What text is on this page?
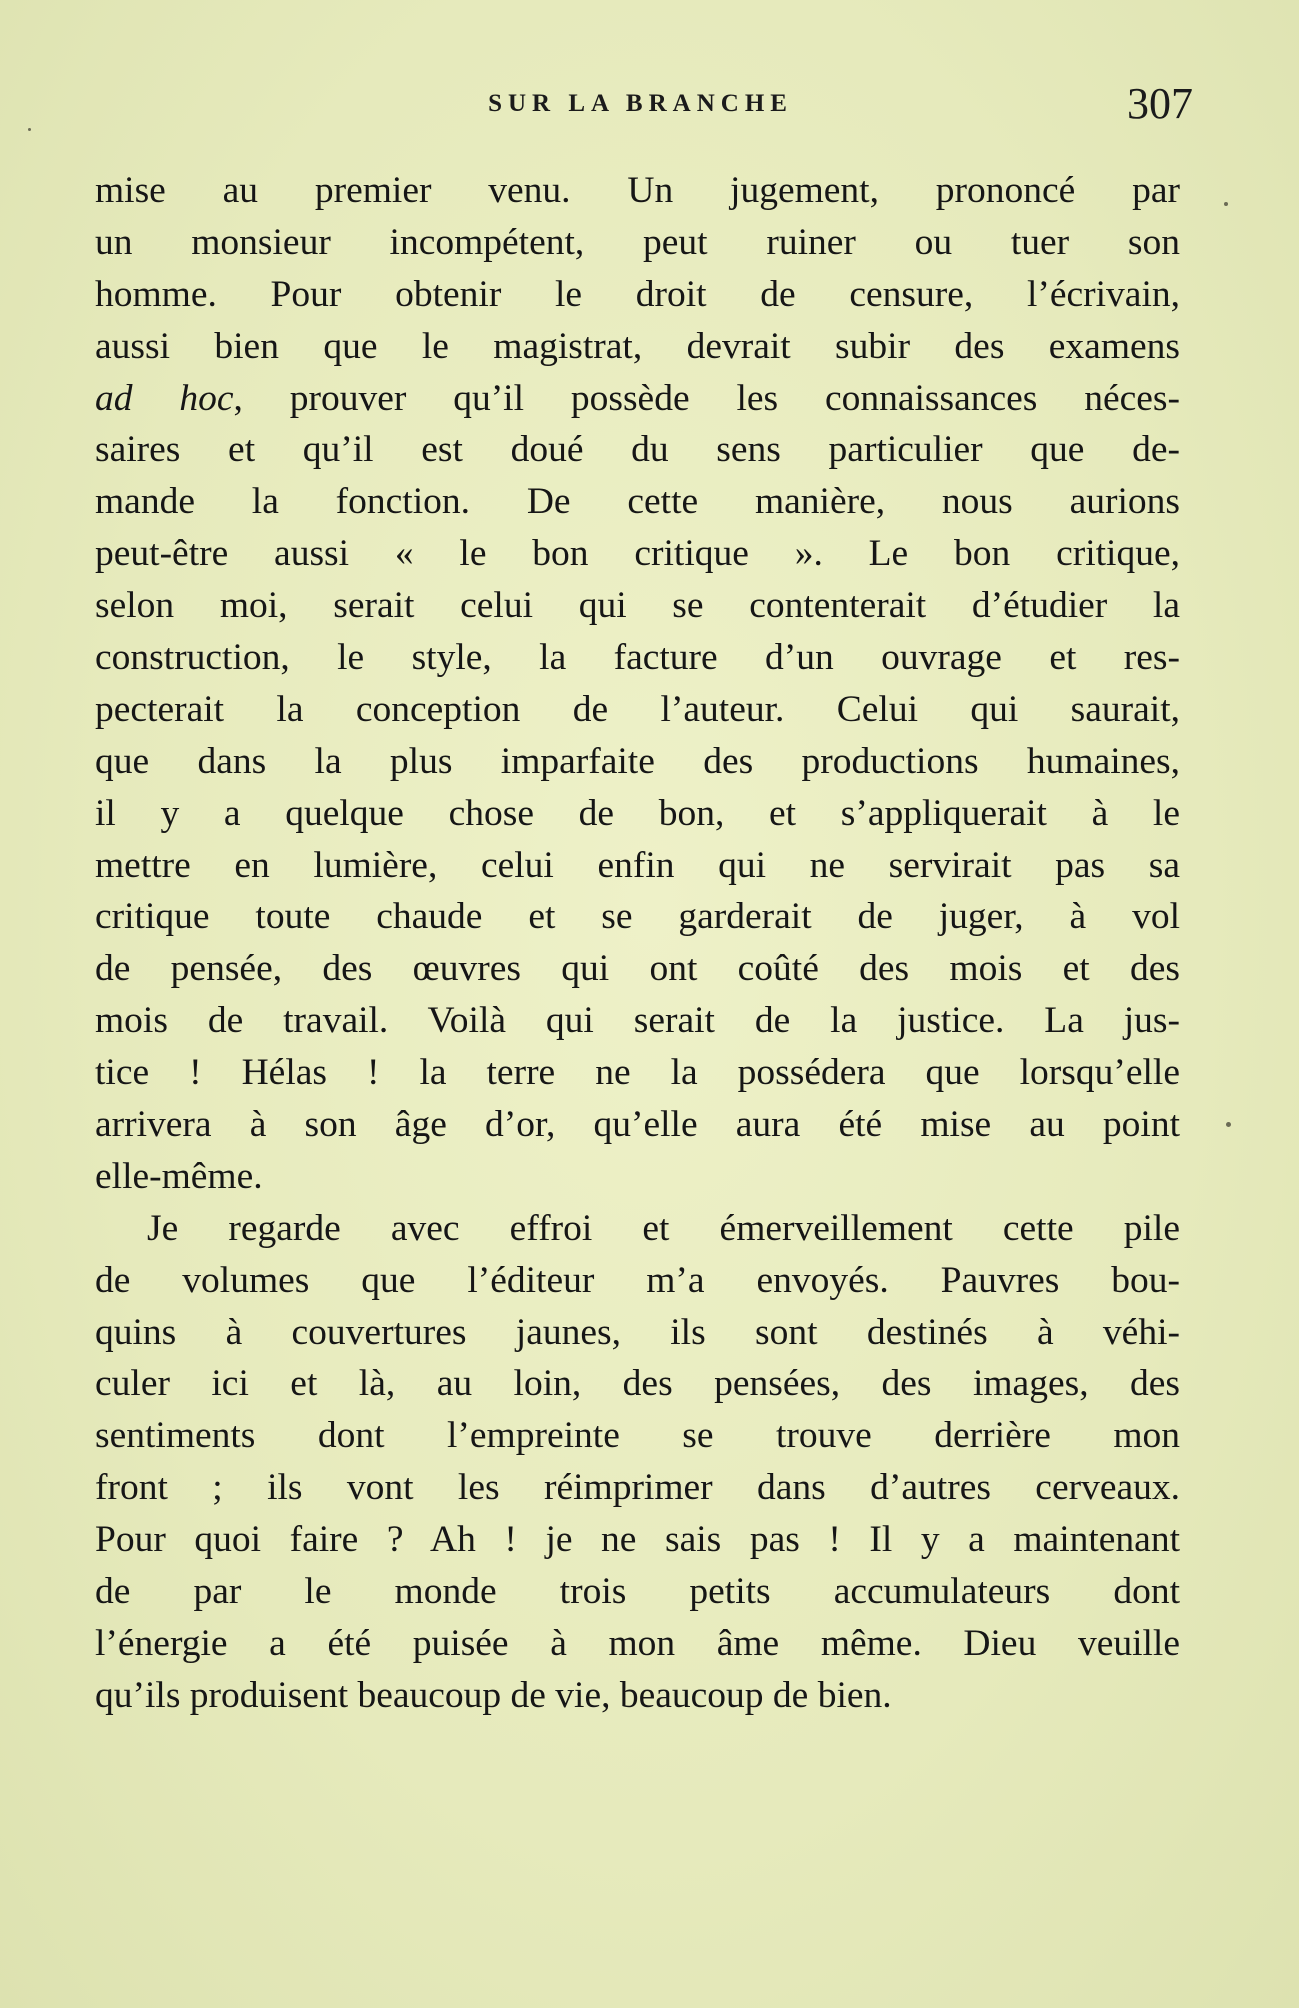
SUR LA BRANCHE	307
mise au premier venu. Un jugement, prononcé par
un monsieur incompétent, peut ruiner ou tuer son
homme. Pour obtenir le droit de censure, l’écrivain,
aussi bien que le magistrat, devrait subir des examens
ad hoc, prouver qu’il possède les connaissances néces-
saires et qu’il est doué du sens particulier que de-
mande la fonction. De cette manière, nous aurions
peut-être aussi « le bon critique ». Le bon critique,
selon moi, serait celui qui se contenterait d’étudier la
construction, le style, la facture d’un ouvrage et res-
pecterait la conception de l’auteur. Celui qui saurait,
que dans la plus imparfaite des productions humaines,
il y a quelque chose de bon, et s’appliquerait à le
mettre en lumière, celui enfin qui ne servirait pas sa
critique toute chaude et se garderait de juger, à vol
de pensée, des œuvres qui ont coûté des mois et des
mois de travail. Voilà qui serait de la justice. La jus-
tice ! Hélas ! la terre ne la possédera que lorsqu’elle
arrivera à son âge d’or, qu’elle aura été mise au point
elle-même.
Je regarde avec effroi et émerveillement cette pile
de volumes que l’éditeur m’a envoyés. Pauvres bou-
quins à couvertures jaunes, ils sont destinés à véhi-
culer ici et là, au loin, des pensées, des images, des
sentiments dont l’empreinte se trouve derrière mon
front ; ils vont les réimprimer dans d’autres cerveaux.
Pour quoi faire ? Ah ! je ne sais pas ! Il y a maintenant
de par le monde trois petits accumulateurs dont
l’énergie a été puisée à mon âme même. Dieu veuille
qu’ils produisent beaucoup de vie, beaucoup de bien.
